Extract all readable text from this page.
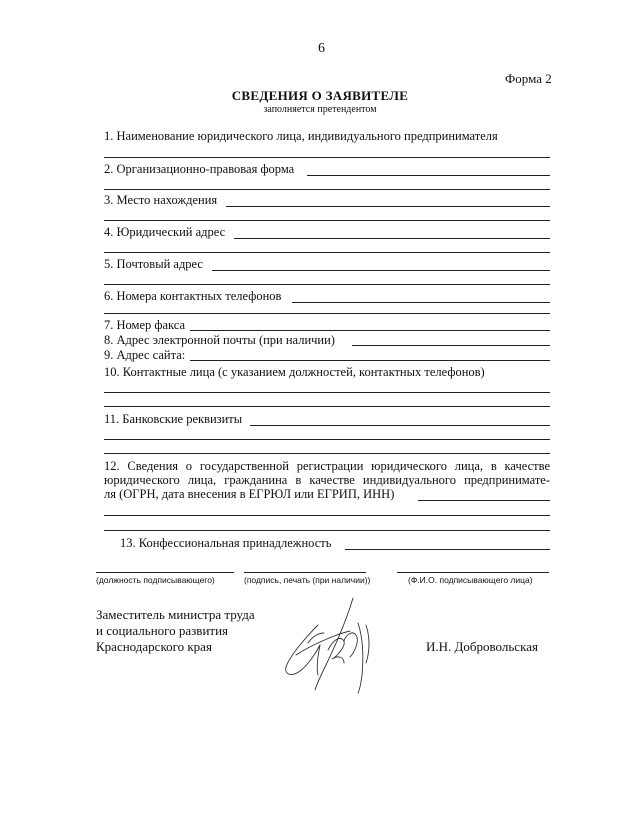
6
Форма 2
СВЕДЕНИЯ О ЗАЯВИТЕЛЕ
заполняется претендентом
1. Наименование юридического лица, индивидуального предпринимателя
2. Организационно-правовая форма
3. Место нахождения
4. Юридический адрес
5. Почтовый адрес
6. Номера контактных телефонов
7. Номер факса
8. Адрес электронной почты (при наличии)
9. Адрес сайта:
10. Контактные лица (с указанием должностей, контактных телефонов)
11. Банковские реквизиты
12. Сведения о государственной регистрации юридического лица, в качестве
юридического лица, гражданина в качестве индивидуального предпринимате-
ля (ОГРН, дата внесения в ЕГРЮЛ или ЕГРИП, ИНН)
13. Конфессиональная принадлежность
(должность подписывающего)	(подпись, печать (при наличии))	(Ф.И.О. подписывающего лица)
Заместитель министра труда
и социального развития
Краснодарского края	И.Н. Добровольская
